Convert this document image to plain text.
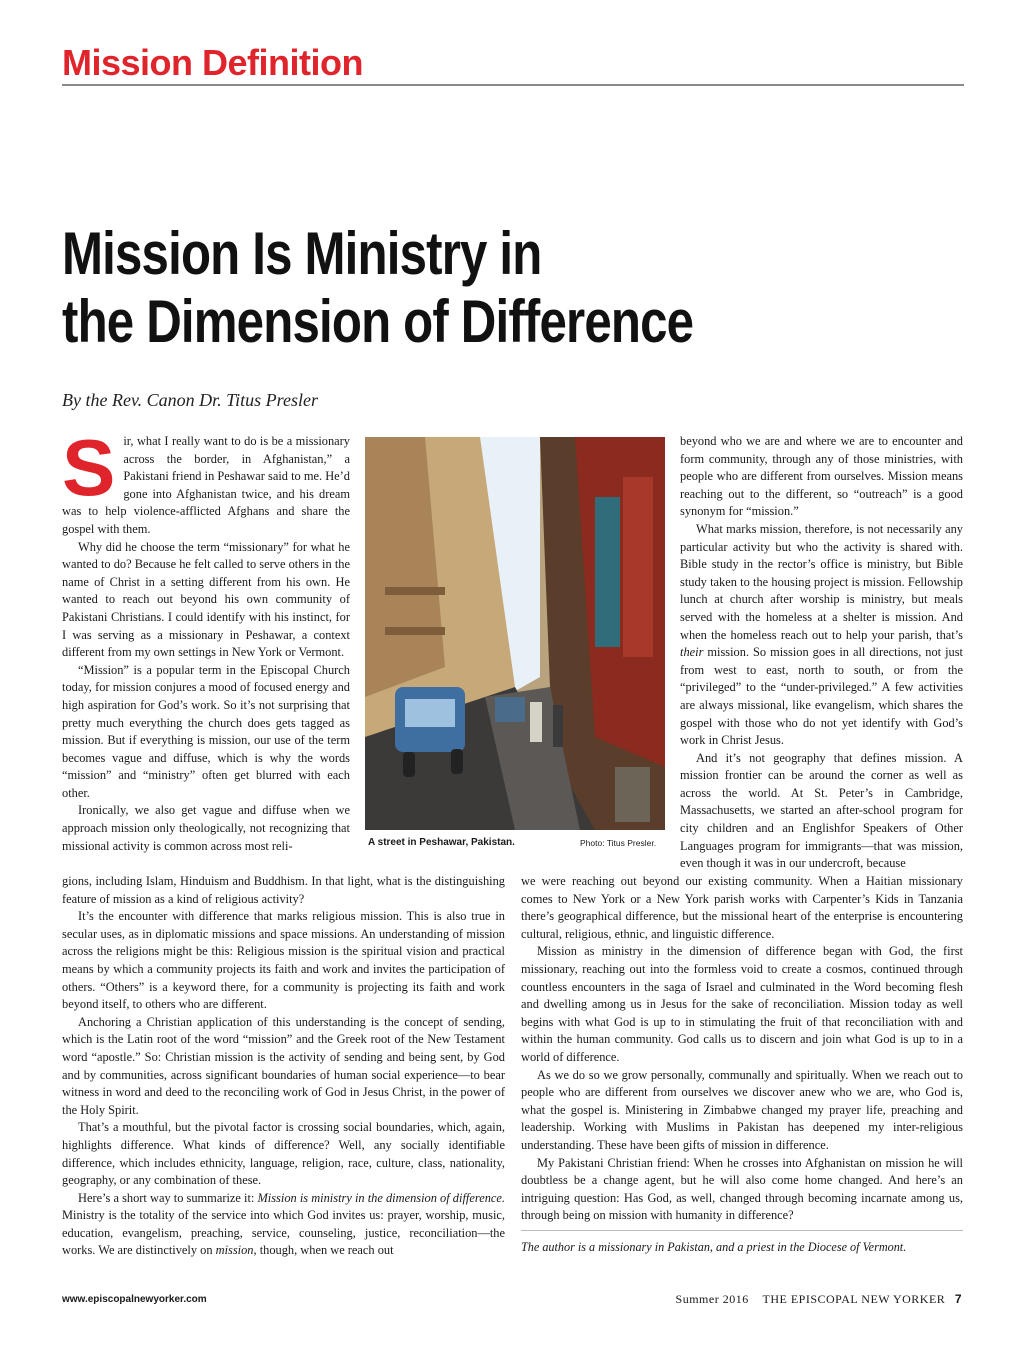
Mission Definition
Mission Is Ministry in
the Dimension of Difference
By the Rev. Canon Dr. Titus Presler

Sir, what I really want to do is be a missionary across the border, in Afghanistan,” a Pakistani friend in Peshawar said to me. He’d gone into Afghanistan twice, and his dream was to help violence-afflicted Afghans and share the gospel with them.

Why did he choose the term “missionary” for what he wanted to do? Because he felt called to serve others in the name of Christ in a setting different from his own. He wanted to reach out beyond his own community of Pakistani Christians. I could identify with his instinct, for I was serving as a missionary in Peshawar, a context different from my own settings in New York or Vermont.

“Mission” is a popular term in the Episcopal Church today, for mission conjures a mood of focused energy and high aspiration for God’s work. So it’s not surprising that pretty much everything the church does gets tagged as mission. But if everything is mission, our use of the term becomes vague and diffuse, which is why the words “mission” and “ministry” often get blurred with each other.

Ironically, we also get vague and diffuse when we approach mission only theologically, not recognizing that missional activity is common across most reli-	A street in Peshawar, Pakistan.	Photo: Titus Presler.

beyond who we are and where we are to encounter and form community, through any of those ministries, with people who are different from ourselves. Mission means reaching out to the different, so “outreach” is a good synonym for “mission.”

What marks mission, therefore, is not necessarily any particular activity but who the activity is shared with. Bible study in the rector’s office is ministry, but Bible study taken to the housing project is mission. Fellowship lunch at church after worship is ministry, but meals served with the homeless at a shelter is mission. And when the homeless reach out to help your parish, that’s their mission. So mission goes in all directions, not just from west to east, north to south, or from the “privileged” to the “under-privileged.” A few activities are always missional, like evangelism, which shares the gospel with those who do not yet identify with God’s work in Christ Jesus.

And it’s not geography that defines mission. A mission frontier can be around the corner as well as across the world. At St. Peter’s in Cambridge, Massachusetts, we started an after-school program for city children and an Englishfor Speakers of Other Languages program for immigrants—that was mission, even though it was in our undercroft, because

gions, including Islam, Hinduism and Buddhism. In that light, what is the distinguishing feature of mission as a kind of religious activity?

It’s the encounter with difference that marks religious mission. This is also true in secular uses, as in diplomatic missions and space missions. An understanding of mission across the religions might be this: Religious mission is the spiritual vision and practical means by which a community projects its faith and work and invites the participation of others. “Others” is a keyword there, for a community is projecting its faith and work beyond itself, to others who are different.

Anchoring a Christian application of this understanding is the concept of sending, which is the Latin root of the word “mission” and the Greek root of the New Testament word “apostle.” So: Christian mission is the activity of sending and being sent, by God and by communities, across significant boundaries of human social experience—to bear witness in word and deed to the reconciling work of God in Jesus Christ, in the power of the Holy Spirit.

That’s a mouthful, but the pivotal factor is crossing social boundaries, which, again, highlights difference. What kinds of difference? Well, any socially identifiable difference, which includes ethnicity, language, religion, race, culture, class, nationality, geography, or any combination of these.

Here’s a short way to summarize it: Mission is ministry in the dimension of difference. Ministry is the totality of the service into which God invites us: prayer, worship, music, education, evangelism, preaching, service, counseling, justice, reconciliation—the works. We are distinctively on mission, though, when we reach out

we were reaching out beyond our existing community. When a Haitian missionary comes to New York or a New York parish works with Carpenter’s Kids in Tanzania there’s geographical difference, but the missional heart of the enterprise is encountering cultural, religious, ethnic, and linguistic difference.

Mission as ministry in the dimension of difference began with God, the first missionary, reaching out into the formless void to create a cosmos, continued through countless encounters in the saga of Israel and culminated in the Word becoming flesh and dwelling among us in Jesus for the sake of reconciliation. Mission today as well begins with what God is up to in stimulating the fruit of that reconciliation with and within the human community. God calls us to discern and join what God is up to in a world of difference.

As we do so we grow personally, communally and spiritually. When we reach out to people who are different from ourselves we discover anew who we are, who God is, what the gospel is. Ministering in Zimbabwe changed my prayer life, preaching and leadership. Working with Muslims in Pakistan has deepened my inter-religious understanding. These have been gifts of mission in difference.

My Pakistani Christian friend: When he crosses into Afghanistan on mission he will doubtless be a change agent, but he will also come home changed. And here’s an intriguing question: Has God, as well, changed through becoming incarnate among us, through being on mission with humanity in difference?

The author is a missionary in Pakistan, and a priest in the Diocese of Vermont.
www.episcopalnewyorker.com	Summer 2016 THE EPISCOPAL NEW YORKER 7
